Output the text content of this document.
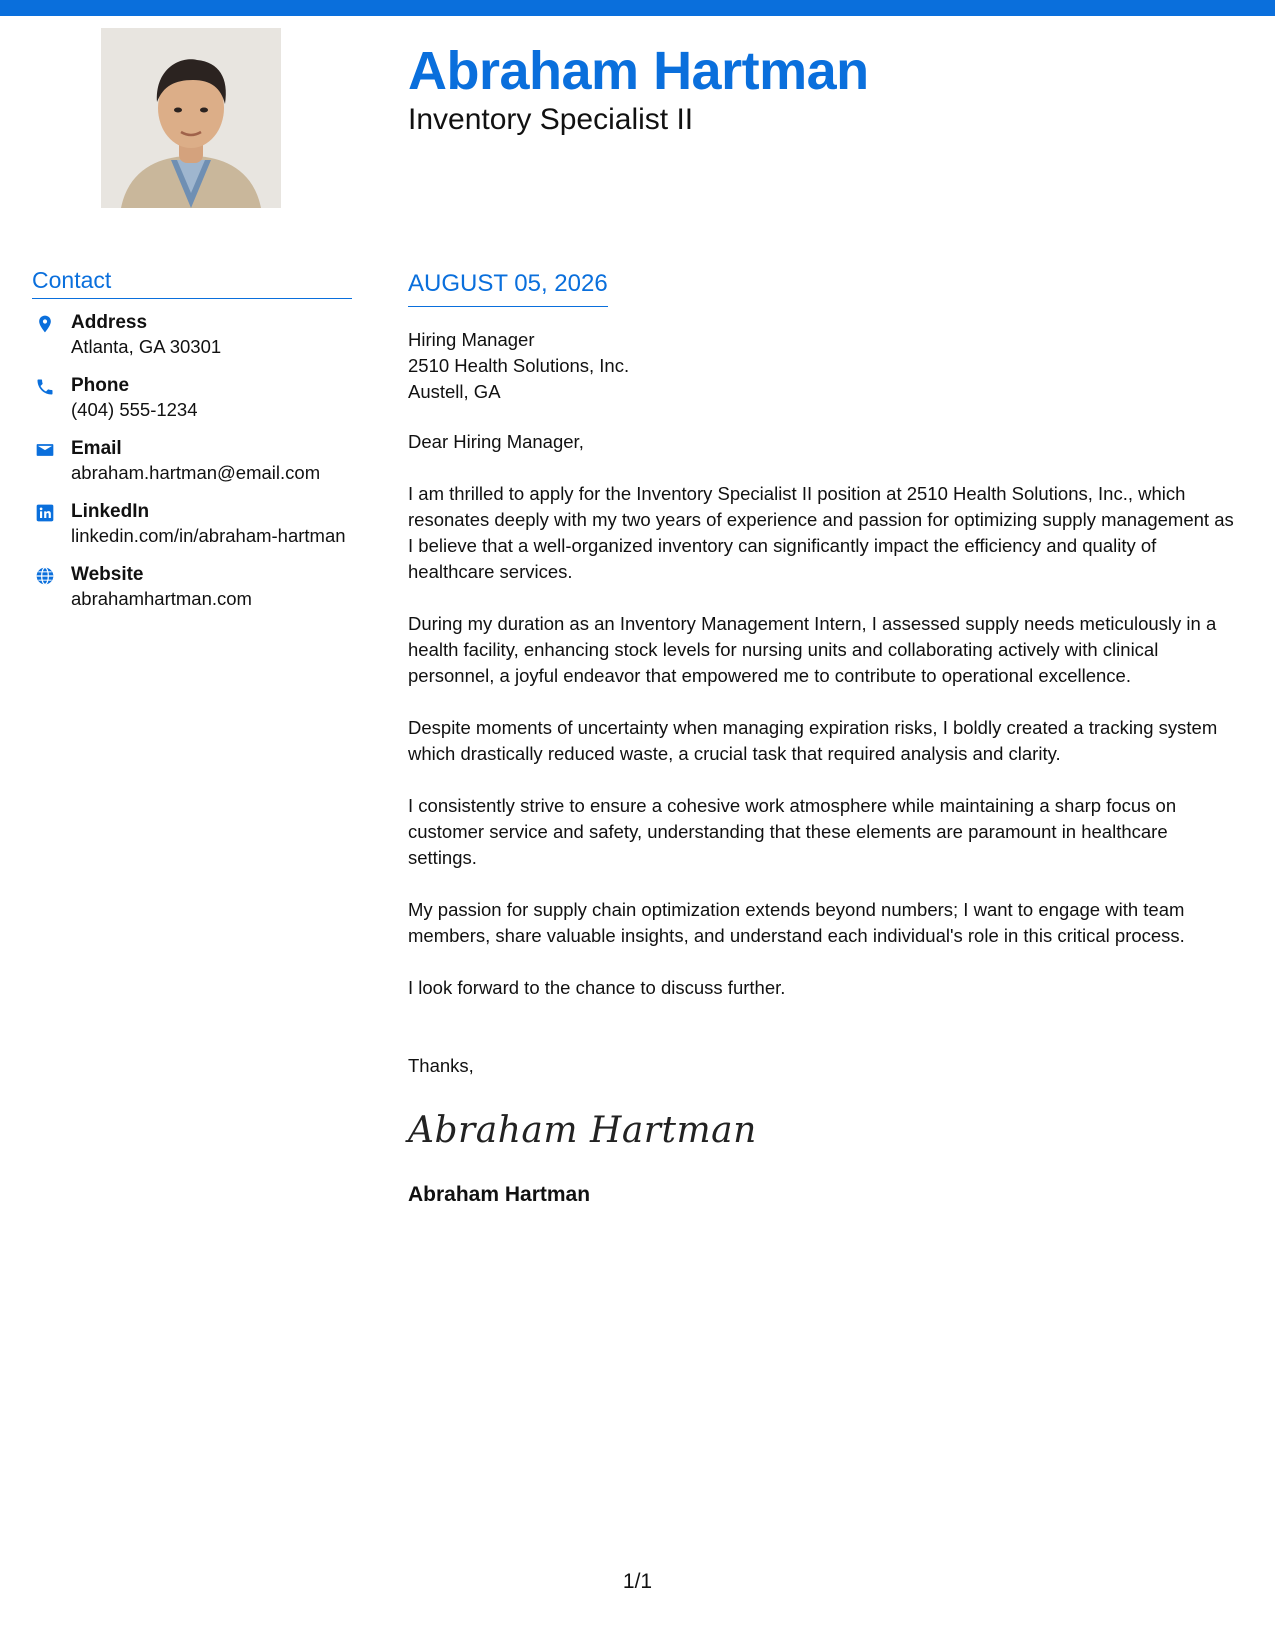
Abraham Hartman
Inventory Specialist II
Contact
Address
Atlanta, GA 30301
Phone
(404) 555-1234
Email
abraham.hartman@email.com
LinkedIn
linkedin.com/in/abraham-hartman
Website
abrahamhartman.com
AUGUST 05, 2026
Hiring Manager
2510 Health Solutions, Inc.
Austell, GA
Dear Hiring Manager,
I am thrilled to apply for the Inventory Specialist II position at 2510 Health Solutions, Inc., which resonates deeply with my two years of experience and passion for optimizing supply management as I believe that a well-organized inventory can significantly impact the efficiency and quality of healthcare services.
During my duration as an Inventory Management Intern, I assessed supply needs meticulously in a health facility, enhancing stock levels for nursing units and collaborating actively with clinical personnel, a joyful endeavor that empowered me to contribute to operational excellence.
Despite moments of uncertainty when managing expiration risks, I boldly created a tracking system which drastically reduced waste, a crucial task that required analysis and clarity.
I consistently strive to ensure a cohesive work atmosphere while maintaining a sharp focus on customer service and safety, understanding that these elements are paramount in healthcare settings.
My passion for supply chain optimization extends beyond numbers; I want to engage with team members, share valuable insights, and understand each individual's role in this critical process.
I look forward to the chance to discuss further.
Thanks,
Abraham Hartman
Abraham Hartman
1/1
